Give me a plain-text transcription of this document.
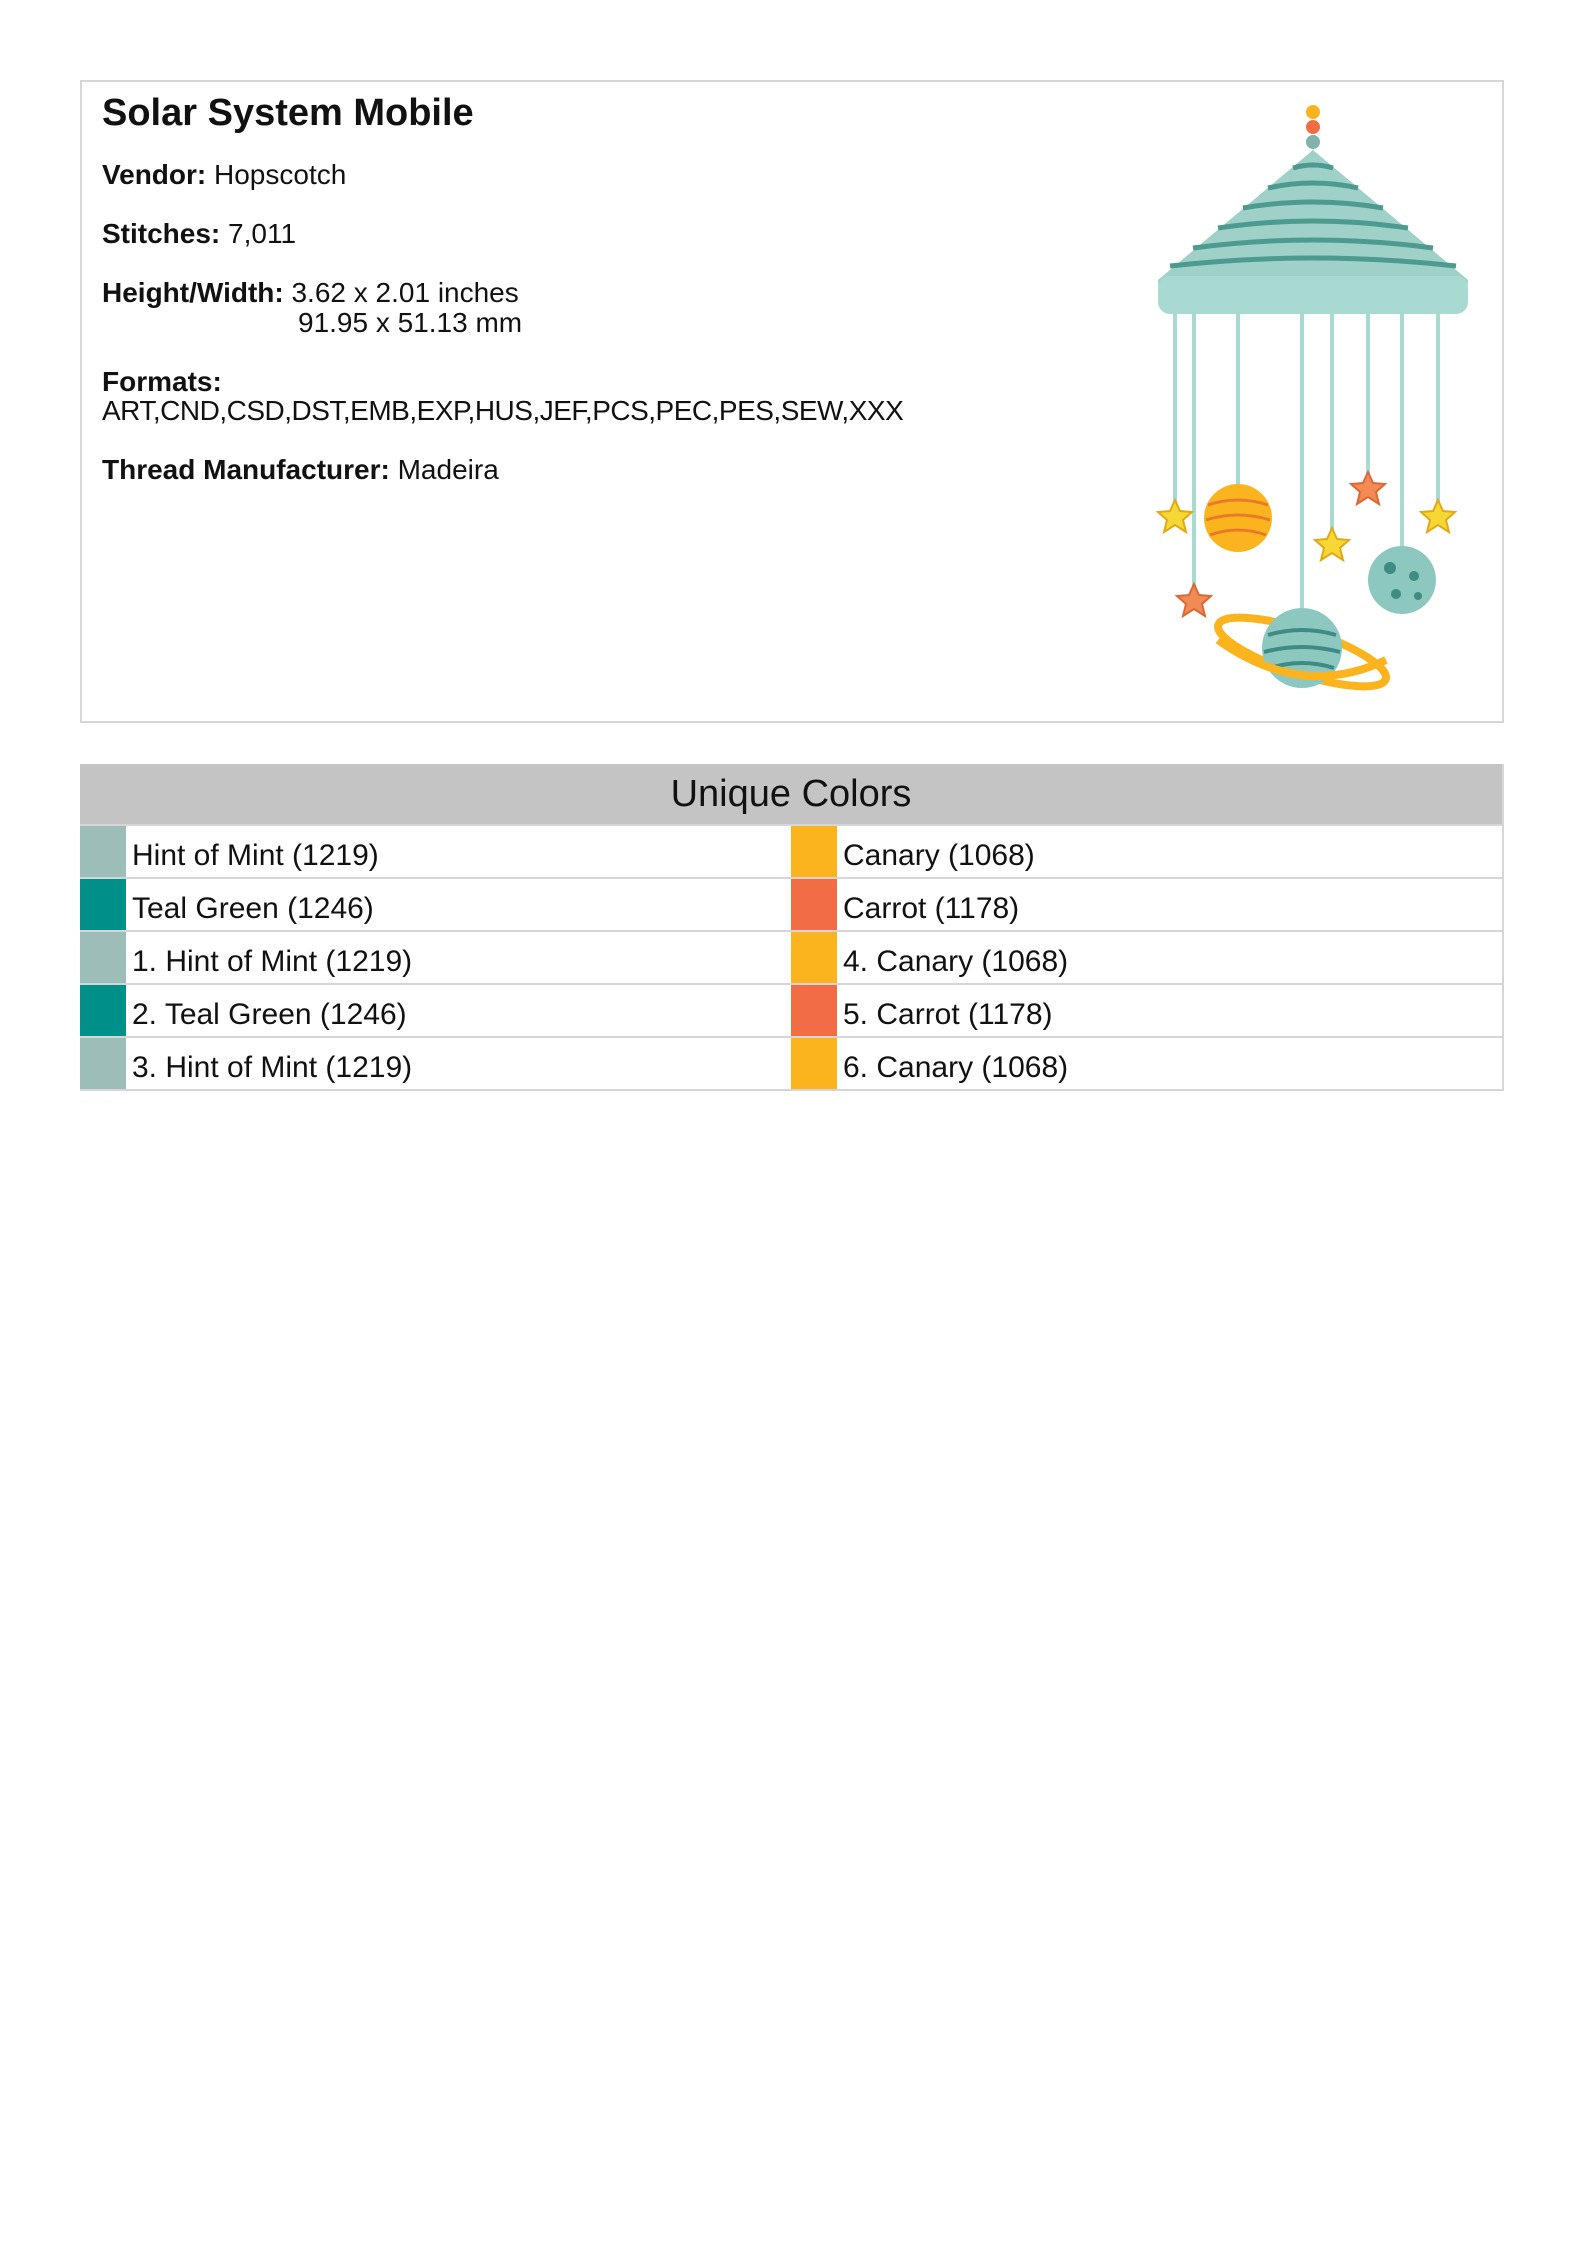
Solar System Mobile
Vendor: Hopscotch
Stitches: 7,011
Height/Width: 3.62 x 2.01 inches
91.95 x 51.13 mm
Formats:
ART,CND,CSD,DST,EMB,EXP,HUS,JEF,PCS,PEC,PES,SEW,XXX
Thread Manufacturer: Madeira
Unique Colors
Hint of Mint (1219)	Canary (1068)
Teal Green (1246)	Carrot (1178)
1. Hint of Mint (1219)	4. Canary (1068)
2. Teal Green (1246)	5. Carrot (1178)
3. Hint of Mint (1219)	6. Canary (1068)
